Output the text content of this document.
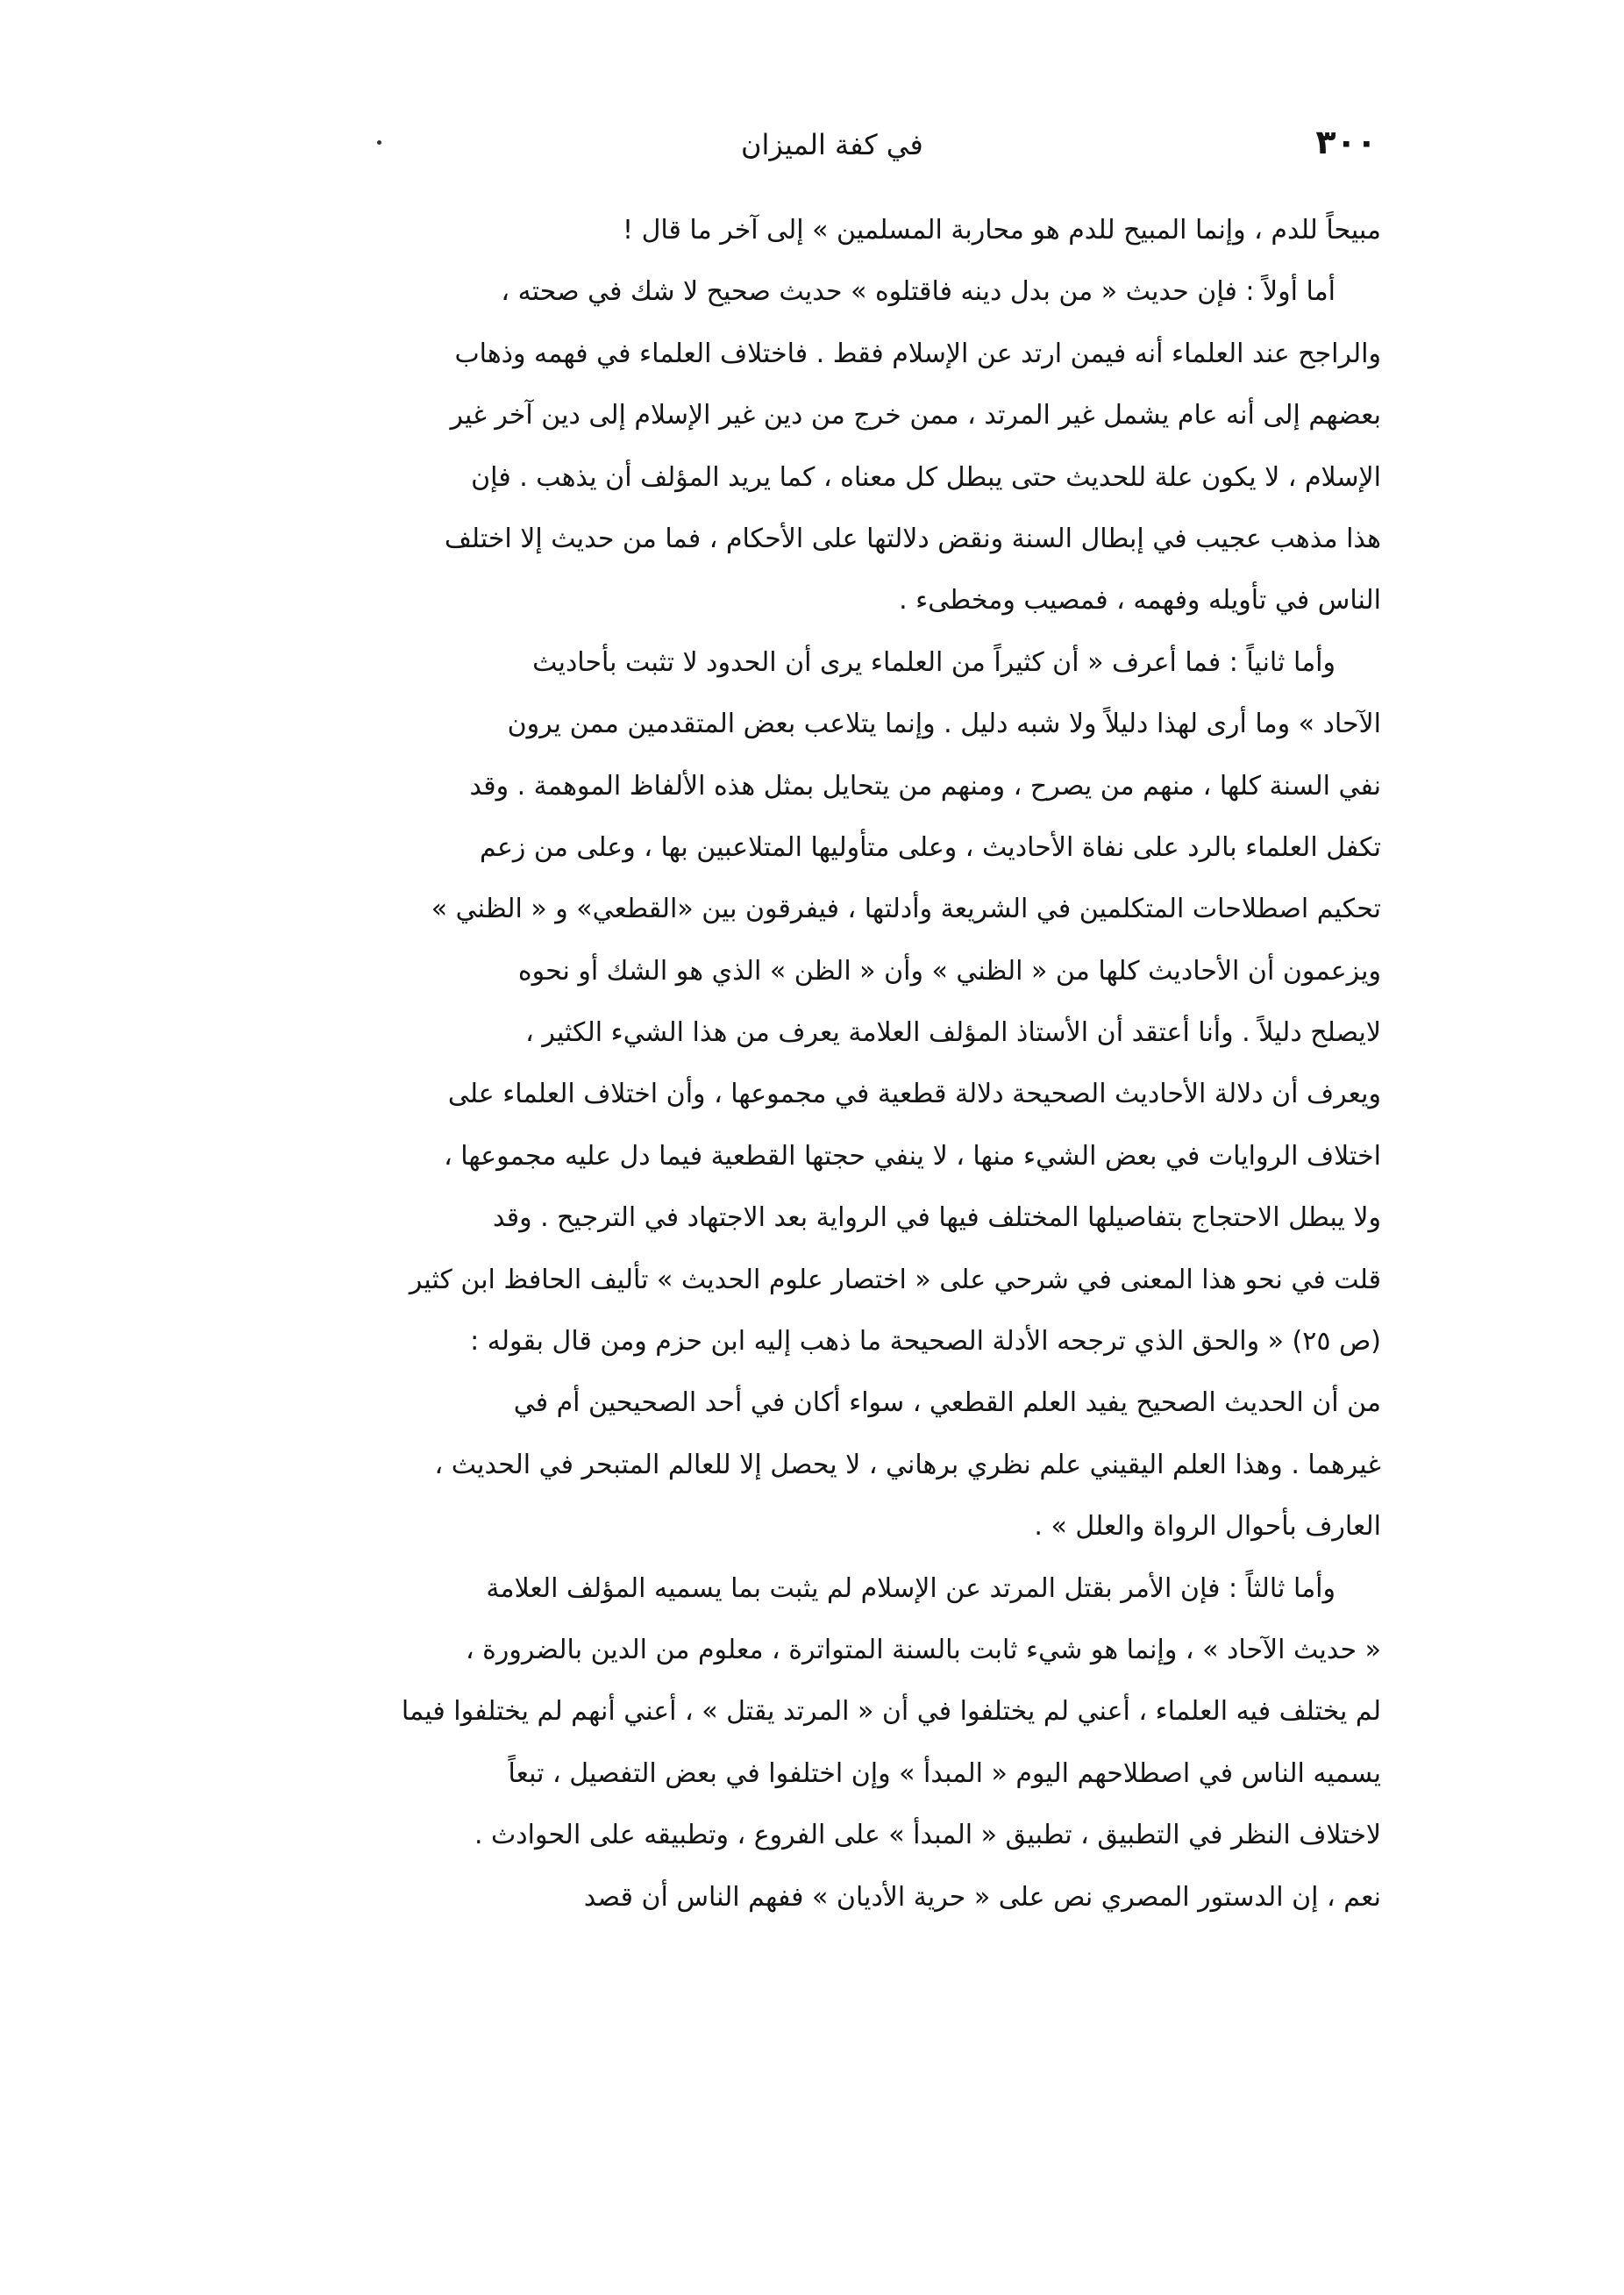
في كفة الميزان	٣٠٠
مبيحاً للدم ، وإنما المبيح للدم هو محاربة المسلمين » إلى آخر ما قال !
أما أولاً : فإن حديث « من بدل دينه فاقتلوه » حديث صحيح لا شك في صحته ،
والراجح عند العلماء أنه فيمن ارتد عن الإسلام فقط . فاختلاف العلماء في فهمه وذهاب
بعضهم إلى أنه عام يشمل غير المرتد ، ممن خرج من دين غير الإسلام إلى دين آخر غير
الإسلام ، لا يكون علة للحديث حتى يبطل كل معناه ، كما يريد المؤلف أن يذهب . فإن
هذا مذهب عجيب في إبطال السنة ونقض دلالتها على الأحكام ، فما من حديث إلا اختلف
الناس في تأويله وفهمه ، فمصيب ومخطىء .
وأما ثانياً : فما أعرف « أن كثيراً من العلماء يرى أن الحدود لا تثبت بأحاديث
الآحاد » وما أرى لهذا دليلاً ولا شبه دليل . وإنما يتلاعب بعض المتقدمين ممن يرون
نفي السنة كلها ، منهم من يصرح ، ومنهم من يتحايل بمثل هذه الألفاظ الموهمة . وقد
تكفل العلماء بالرد على نفاة الأحاديث ، وعلى متأوليها المتلاعبين بها ، وعلى من زعم
تحكيم اصطلاحات المتكلمين في الشريعة وأدلتها ، فيفرقون بين «القطعي» و « الظني »
ويزعمون أن الأحاديث كلها من « الظني » وأن « الظن » الذي هو الشك أو نحوه
لايصلح دليلاً . وأنا أعتقد أن الأستاذ المؤلف العلامة يعرف من هذا الشيء الكثير ،
ويعرف أن دلالة الأحاديث الصحيحة دلالة قطعية في مجموعها ، وأن اختلاف العلماء على
اختلاف الروايات في بعض الشيء منها ، لا ينفي حجتها القطعية فيما دل عليه مجموعها ،
ولا يبطل الاحتجاج بتفاصيلها المختلف فيها في الرواية بعد الاجتهاد في الترجيح . وقد
قلت في نحو هذا المعنى في شرحي على « اختصار علوم الحديث » تأليف الحافظ ابن كثير
(ص ٢٥) « والحق الذي ترجحه الأدلة الصحيحة ما ذهب إليه ابن حزم ومن قال بقوله :
من أن الحديث الصحيح يفيد العلم القطعي ، سواء أكان في أحد الصحيحين أم في
غيرهما . وهذا العلم اليقيني علم نظري برهاني ، لا يحصل إلا للعالم المتبحر في الحديث ،
العارف بأحوال الرواة والعلل » .
وأما ثالثاً : فإن الأمر بقتل المرتد عن الإسلام لم يثبت بما يسميه المؤلف العلامة
« حديث الآحاد » ، وإنما هو شيء ثابت بالسنة المتواترة ، معلوم من الدين بالضرورة ،
لم يختلف فيه العلماء ، أعني لم يختلفوا في أن « المرتد يقتل » ، أعني أنهم لم يختلفوا فيما
يسميه الناس في اصطلاحهم اليوم « المبدأ » وإن اختلفوا في بعض التفصيل ، تبعاً
لاختلاف النظر في التطبيق ، تطبيق « المبدأ » على الفروع ، وتطبيقه على الحوادث .
نعم ، إن الدستور المصري نص على « حرية الأديان » ففهم الناس أن قصد
